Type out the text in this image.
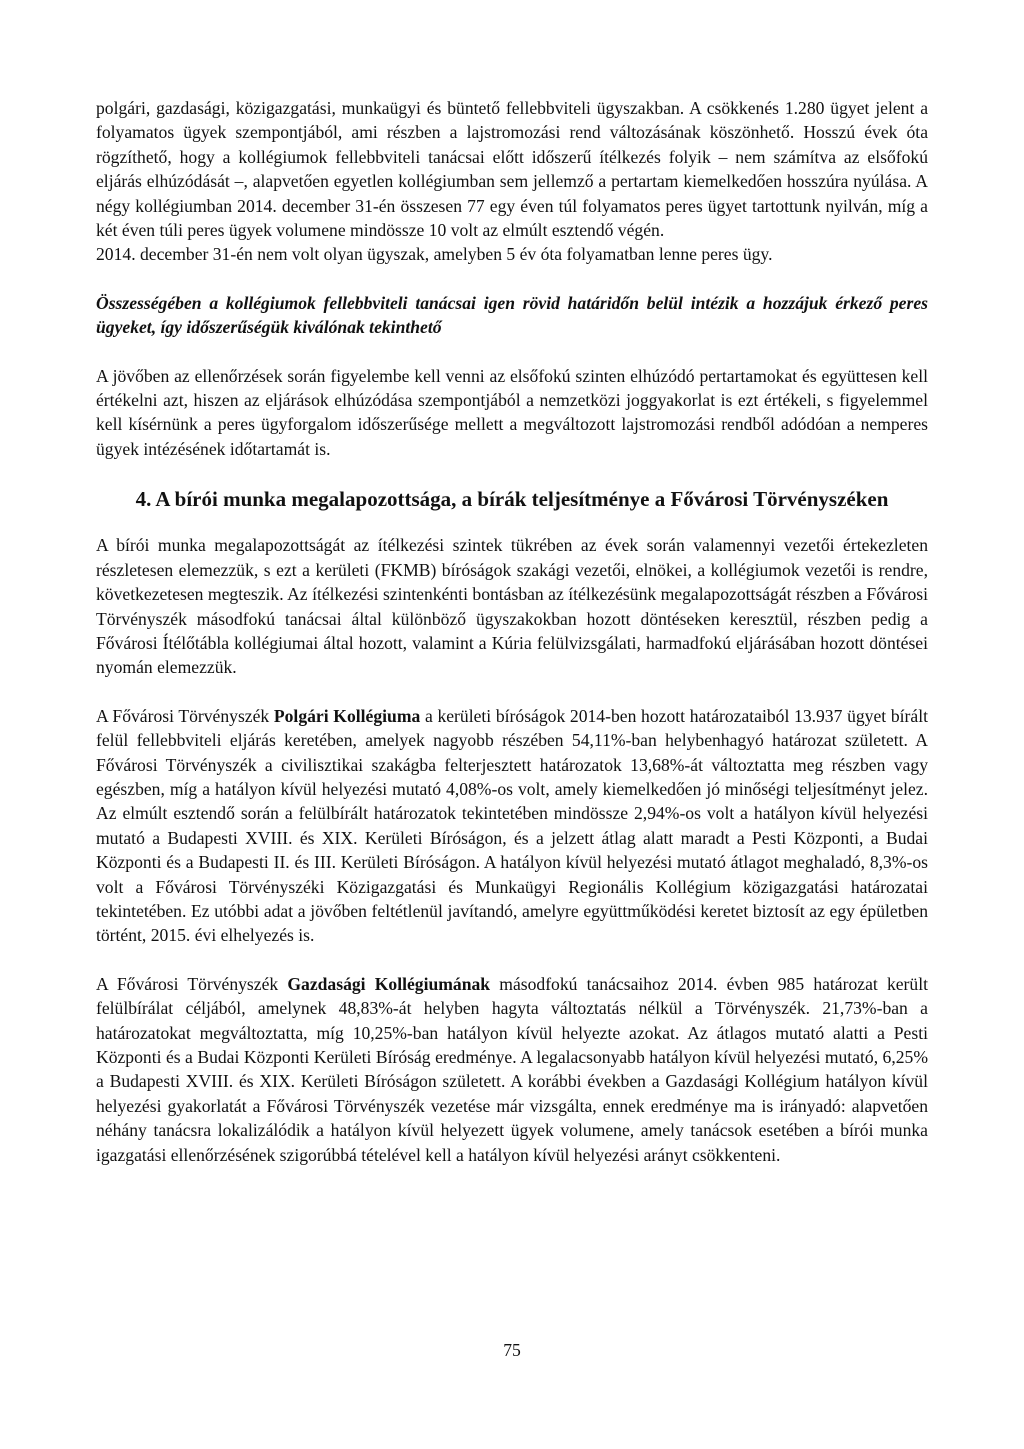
polgári, gazdasági, közigazgatási, munkaügyi és büntető fellebbviteli ügyszakban. A csökkenés 1.280 ügyet jelent a folyamatos ügyek szempontjából, ami részben a lajstromozási rend változásának köszönhető. Hosszú évek óta rögzíthető, hogy a kollégiumok fellebbviteli tanácsai előtt időszerű ítélkezés folyik – nem számítva az elsőfokú eljárás elhúzódását –, alapvetően egyetlen kollégiumban sem jellemző a pertartam kiemelkedően hosszúra nyúlása. A négy kollégiumban 2014. december 31-én összesen 77 egy éven túl folyamatos peres ügyet tartottunk nyilván, míg a két éven túli peres ügyek volumene mindössze 10 volt az elmúlt esztendő végén.

2014. december 31-én nem volt olyan ügyszak, amelyben 5 év óta folyamatban lenne peres ügy.

Összességében a kollégiumok fellebbviteli tanácsai igen rövid határidőn belül intézik a hozzájuk érkező peres ügyeket, így időszerűségük kiválónak tekinthető

A jövőben az ellenőrzések során figyelembe kell venni az elsőfokú szinten elhúzódó pertartamokat és együttesen kell értékelni azt, hiszen az eljárások elhúzódása szempontjából a nemzetközi joggyakorlat is ezt értékeli, s figyelemmel kell kísérnünk a peres ügyforgalom időszerűsége mellett a megváltozott lajstromozási rendből adódóan a nemperes ügyek intézésének időtartamát is.

4. A bírói munka megalapozottsága, a bírák teljesítménye a Fővárosi Törvényszéken

A bírói munka megalapozottságát az ítélkezési szintek tükrében az évek során valamennyi vezetői értekezleten részletesen elemezzük, s ezt a kerületi (FKMB) bíróságok szakági vezetői, elnökei, a kollégiumok vezetői is rendre, következetesen megteszik. Az ítélkezési szintenkénti bontásban az ítélkezésünk megalapozottságát részben a Fővárosi Törvényszék másodfokú tanácsai által különböző ügyszakokban hozott döntéseken keresztül, részben pedig a Fővárosi Ítélőtábla kollégiumai által hozott, valamint a Kúria felülvizsgálati, harmadfokú eljárásában hozott döntései nyomán elemezzük.

A Fővárosi Törvényszék Polgári Kollégiuma a kerületi bíróságok 2014-ben hozott határozataiból 13.937 ügyet bírált felül fellebbviteli eljárás keretében, amelyek nagyobb részében 54,11%-ban helybenhagyó határozat született. A Fővárosi Törvényszék a civilisztikai szakágba felterjesztett határozatok 13,68%-át változtatta meg részben vagy egészben, míg a hatályon kívül helyezési mutató 4,08%-os volt, amely kiemelkedően jó minőségi teljesítményt jelez. Az elmúlt esztendő során a felülbírált határozatok tekintetében mindössze 2,94%-os volt a hatályon kívül helyezési mutató a Budapesti XVIII. és XIX. Kerületi Bíróságon, és a jelzett átlag alatt maradt a Pesti Központi, a Budai Központi és a Budapesti II. és III. Kerületi Bíróságon. A hatályon kívül helyezési mutató átlagot meghaladó, 8,3%-os volt a Fővárosi Törvényszéki Közigazgatási és Munkaügyi Regionális Kollégium közigazgatási határozatai tekintetében. Ez utóbbi adat a jövőben feltétlenül javítandó, amelyre együttműködési keretet biztosít az egy épületben történt, 2015. évi elhelyezés is.

A Fővárosi Törvényszék Gazdasági Kollégiumának másodfokú tanácsaihoz 2014. évben 985 határozat került felülbírálat céljából, amelynek 48,83%-át helyben hagyta változtatás nélkül a Törvényszék. 21,73%-ban a határozatokat megváltoztatta, míg 10,25%-ban hatályon kívül helyezte azokat. Az átlagos mutató alatti a Pesti Központi és a Budai Központi Kerületi Bíróság eredménye. A legalacsonyabb hatályon kívül helyezési mutató, 6,25% a Budapesti XVIII. és XIX. Kerületi Bíróságon született. A korábbi években a Gazdasági Kollégium hatályon kívül helyezési gyakorlatát a Fővárosi Törvényszék vezetése már vizsgálta, ennek eredménye ma is irányadó: alapvetően néhány tanácsra lokalizálódik a hatályon kívül helyezett ügyek volumene, amely tanácsok esetében a bírói munka igazgatási ellenőrzésének szigorúbbá tételével kell a hatályon kívül helyezési arányt csökkenteni.

75
